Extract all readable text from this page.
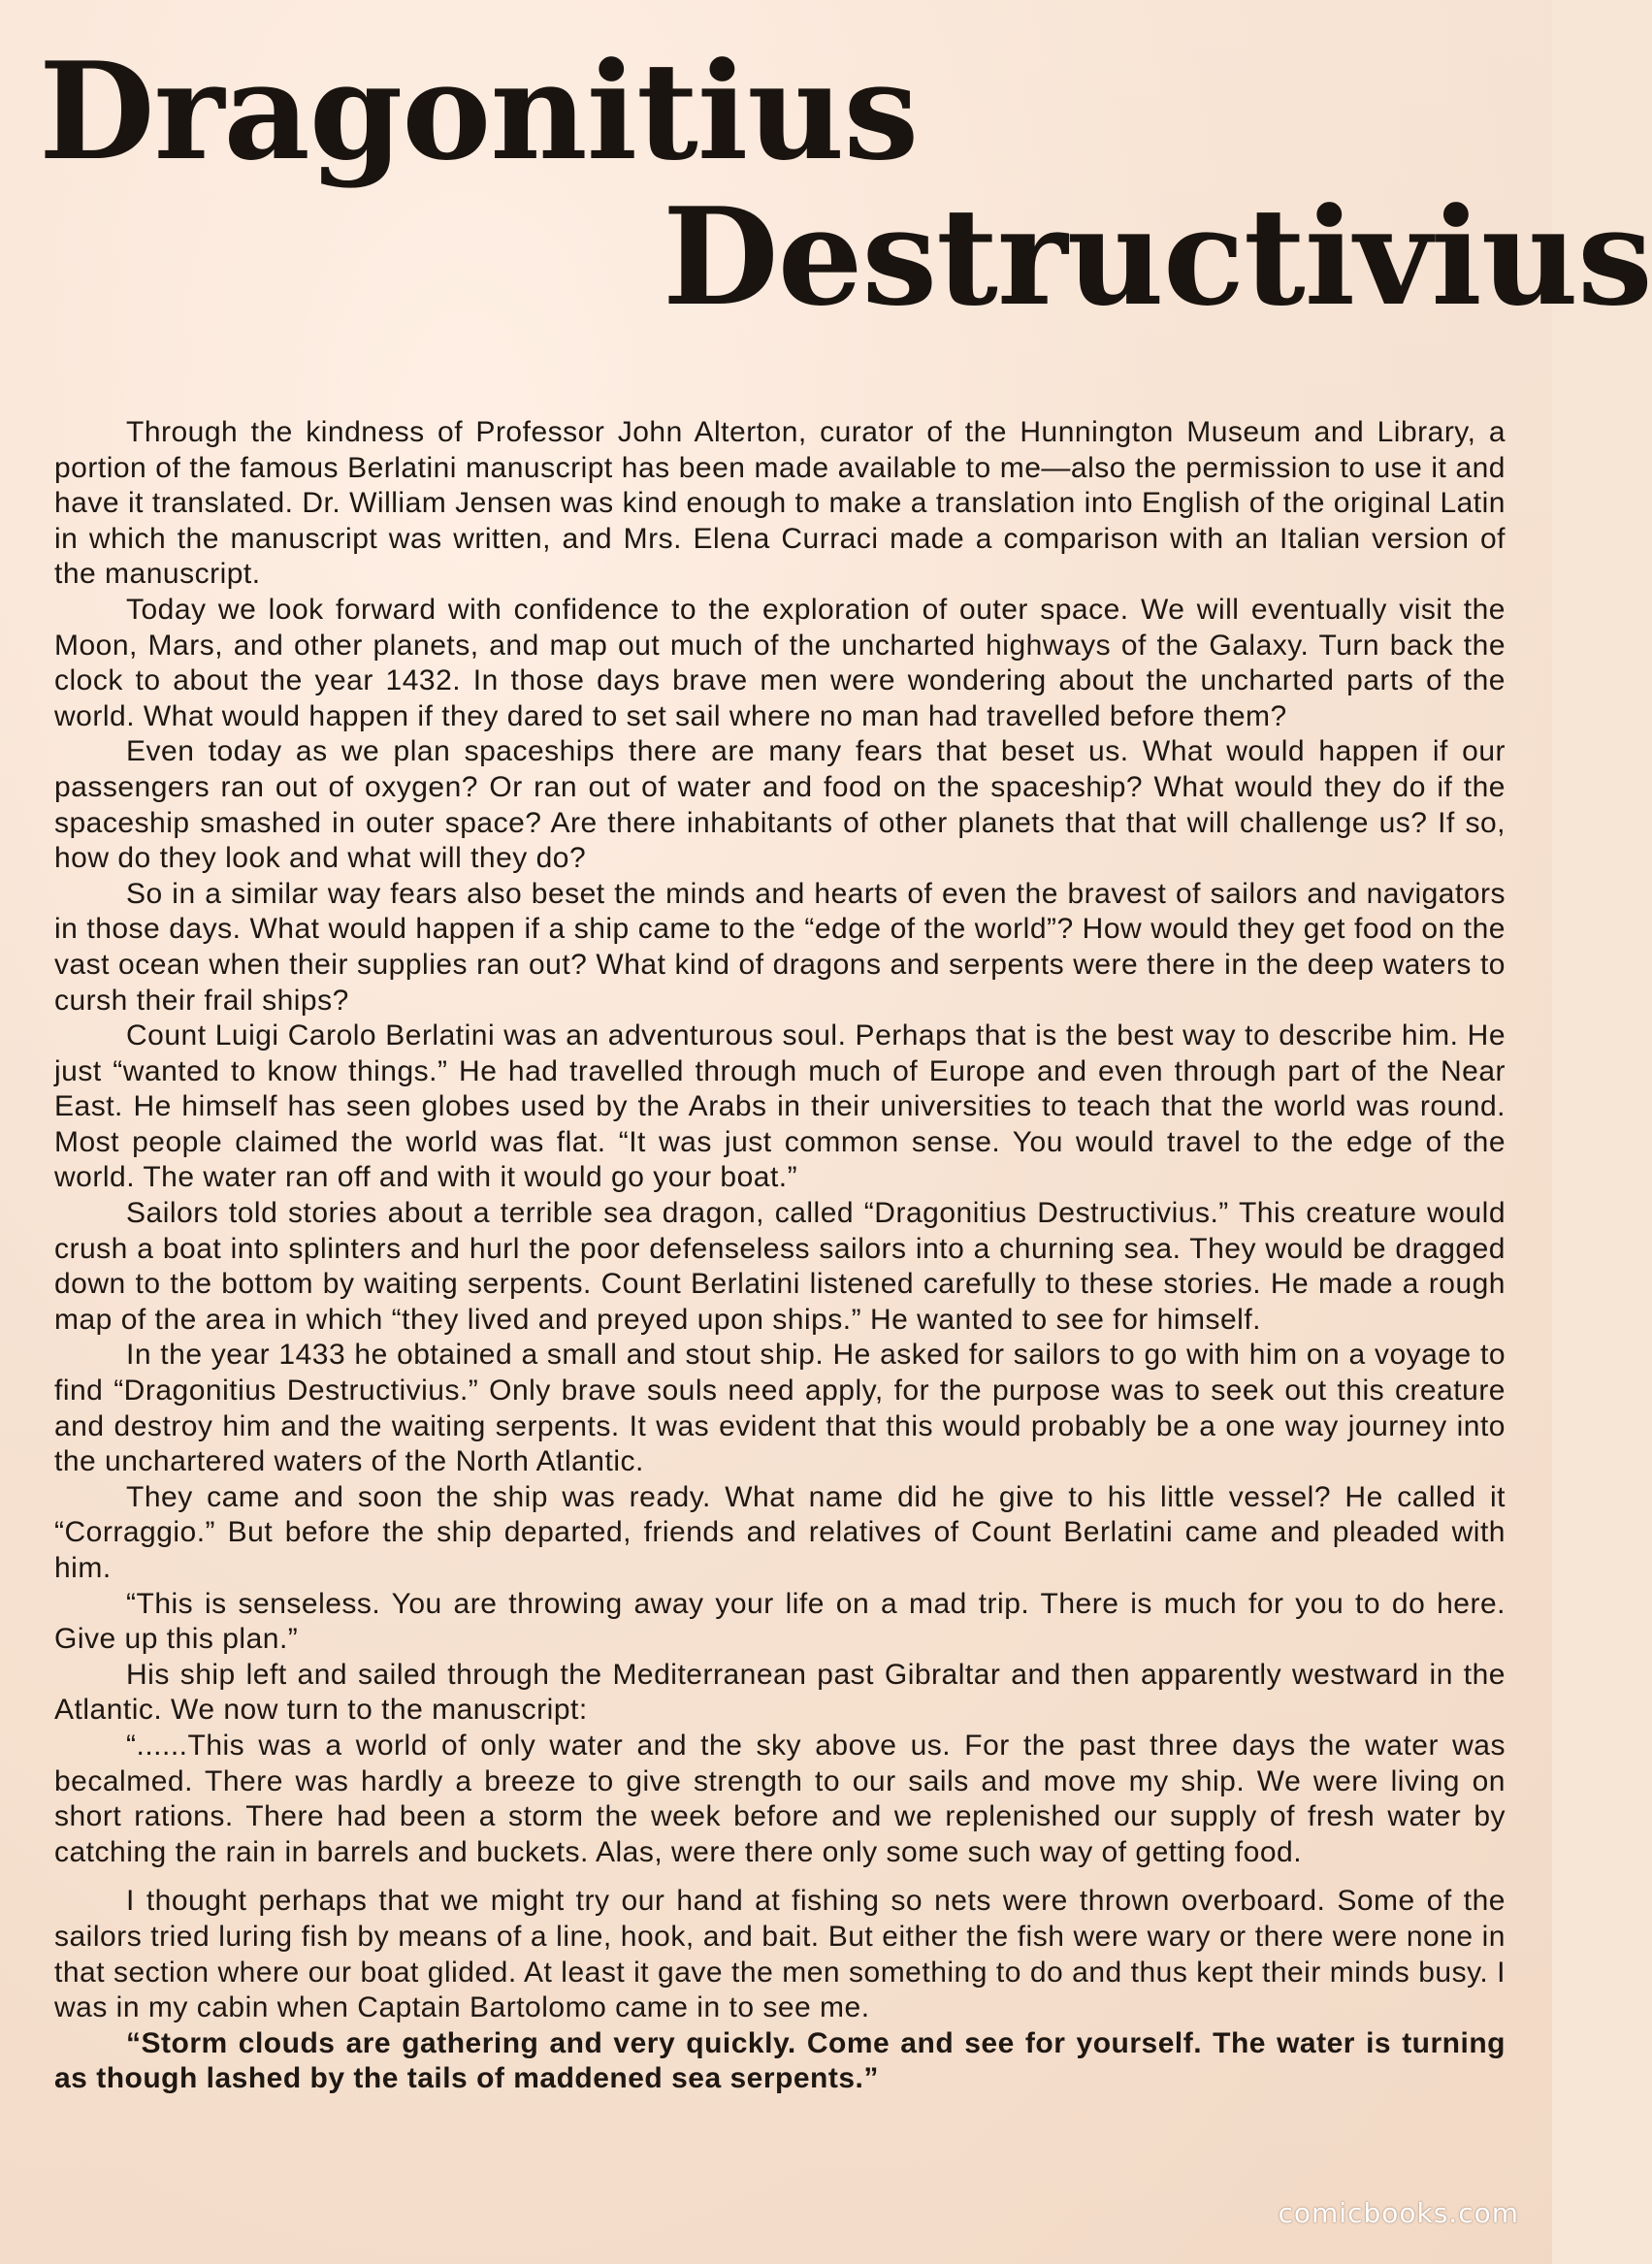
Dragonitius
Destructivius

Through the kindness of Professor John Alterton, curator of the Hunnington Museum and Library, a portion of the famous Berlatini manuscript has been made available to me—also the permission to use it and have it translated. Dr. William Jensen was kind enough to make a translation into English of the original Latin in which the manuscript was written, and Mrs. Elena Curraci made a comparison with an Italian version of the manuscript.

Today we look forward with confidence to the exploration of outer space. We will eventually visit the Moon, Mars, and other planets, and map out much of the uncharted highways of the Galaxy. Turn back the clock to about the year 1432. In those days brave men were wondering about the uncharted parts of the world. What would happen if they dared to set sail where no man had travelled before them?

Even today as we plan spaceships there are many fears that beset us. What would happen if our passengers ran out of oxygen? Or ran out of water and food on the spaceship? What would they do if the spaceship smashed in outer space? Are there inhabitants of other planets that that will challenge us? If so, how do they look and what will they do?

So in a similar way fears also beset the minds and hearts of even the bravest of sailors and navigators in those days. What would happen if a ship came to the “edge of the world”? How would they get food on the vast ocean when their supplies ran out? What kind of dragons and serpents were there in the deep waters to cursh their frail ships?

Count Luigi Carolo Berlatini was an adventurous soul. Perhaps that is the best way to describe him. He just “wanted to know things.” He had travelled through much of Europe and even through part of the Near East. He himself has seen globes used by the Arabs in their universities to teach that the world was round. Most people claimed the world was flat. “It was just common sense. You would travel to the edge of the world. The water ran off and with it would go your boat.”

Sailors told stories about a terrible sea dragon, called “Dragonitius Destructivius.” This creature would crush a boat into splinters and hurl the poor defenseless sailors into a churning sea. They would be dragged down to the bottom by waiting serpents. Count Berlatini listened carefully to these stories. He made a rough map of the area in which “they lived and preyed upon ships.” He wanted to see for himself.

In the year 1433 he obtained a small and stout ship. He asked for sailors to go with him on a voyage to find “Dragonitius Destructivius.” Only brave souls need apply, for the purpose was to seek out this creature and destroy him and the waiting serpents. It was evident that this would probably be a one way journey into the unchartered waters of the North Atlantic.

They came and soon the ship was ready. What name did he give to his little vessel? He called it “Corraggio.” But before the ship departed, friends and relatives of Count Berlatini came and pleaded with him.

“This is senseless. You are throwing away your life on a mad trip. There is much for you to do here. Give up this plan.”

His ship left and sailed through the Mediterranean past Gibraltar and then apparently westward in the Atlantic. We now turn to the manuscript:

“......This was a world of only water and the sky above us. For the past three days the water was becalmed. There was hardly a breeze to give strength to our sails and move my ship. We were living on short rations. There had been a storm the week before and we replenished our supply of fresh water by catching the rain in barrels and buckets. Alas, were there only some such way of getting food.

I thought perhaps that we might try our hand at fishing so nets were thrown overboard. Some of the sailors tried luring fish by means of a line, hook, and bait. But either the fish were wary or there were none in that section where our boat glided. At least it gave the men something to do and thus kept their minds busy. I was in my cabin when Captain Bartolomo came in to see me.

“Storm clouds are gathering and very quickly. Come and see for yourself. The water is turning as though lashed by the tails of maddened sea serpents.”

comicbooks.com
